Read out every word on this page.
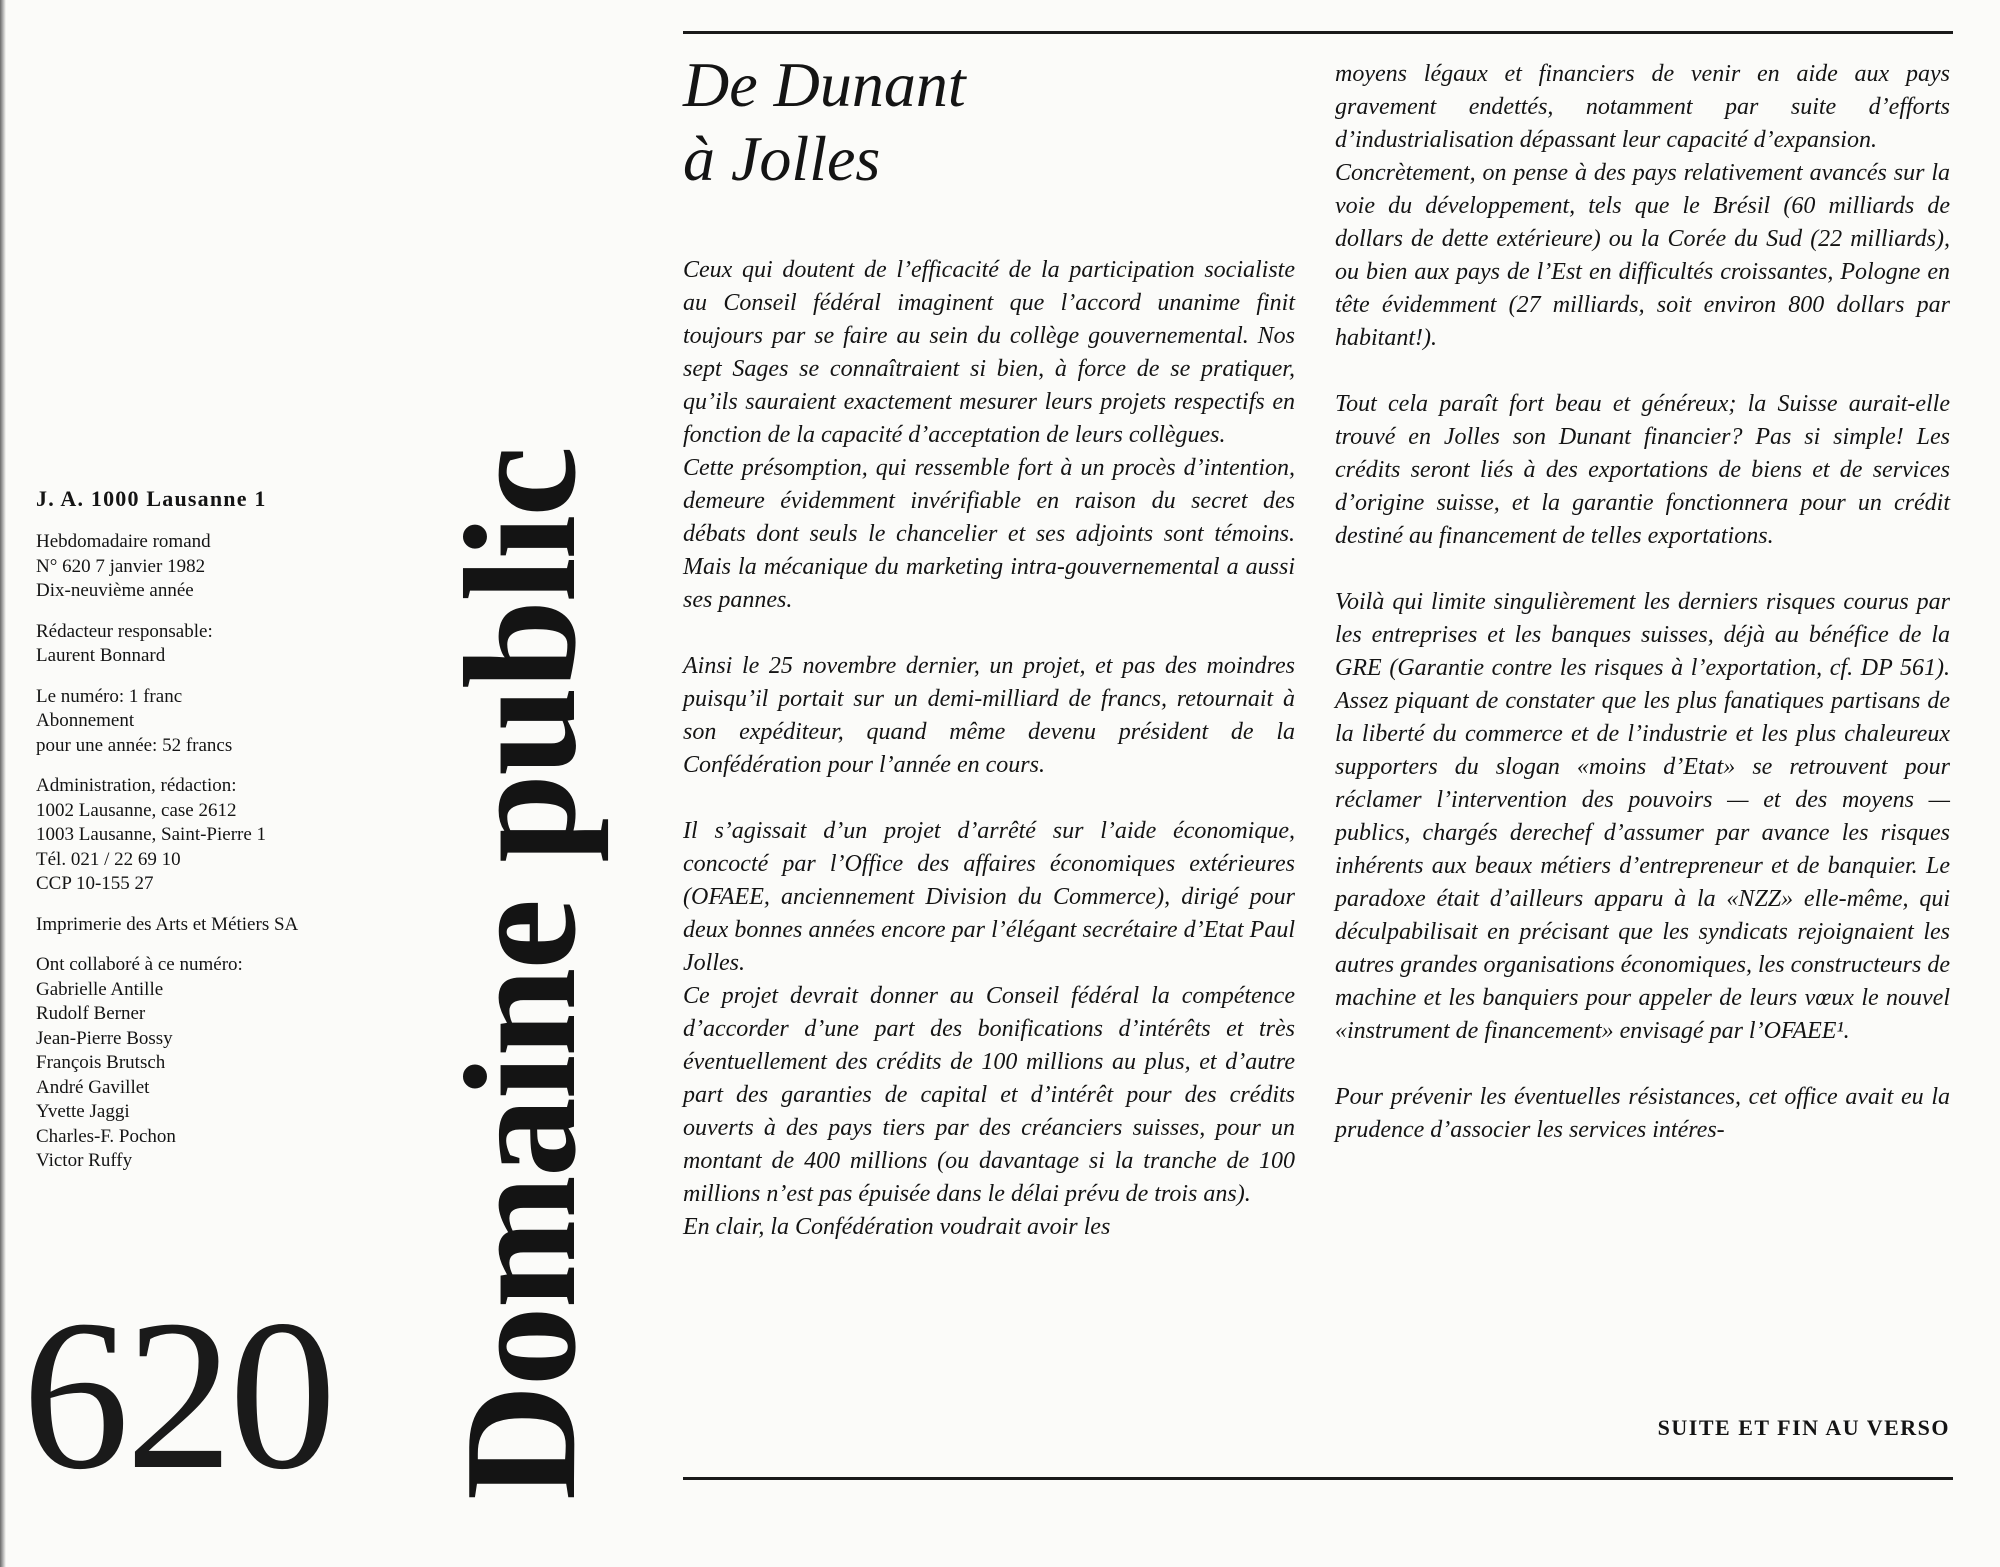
J. A. 1000 Lausanne 1
Hebdomadaire romand
N° 620 7 janvier 1982
Dix-neuvième année
Rédacteur responsable:
Laurent Bonnard
Le numéro: 1 franc
Abonnement
pour une année: 52 francs
Administration, rédaction:
1002 Lausanne, case 2612
1003 Lausanne, Saint-Pierre 1
Tél. 021 / 22 69 10
CCP 10-155 27
Imprimerie des Arts et Métiers SA
Ont collaboré à ce numéro:
Gabrielle Antille
Rudolf Berner
Jean-Pierre Bossy
François Brutsch
André Gavillet
Yvette Jaggi
Charles-F. Pochon
Victor Ruffy
620 Domaine public
De Dunant
à Jolles

Ceux qui doutent de l’efficacité de la participation socialiste au Conseil fédéral imaginent que l’accord unanime finit toujours par se faire au sein du collège gouvernemental. Nos sept Sages se connaîtraient si bien, à force de se pratiquer, qu’ils sauraient exactement mesurer leurs projets respectifs en fonction de la capacité d’acceptation de leurs collègues.

Cette présomption, qui ressemble fort à un procès d’intention, demeure évidemment invérifiable en raison du secret des débats dont seuls le chancelier et ses adjoints sont témoins. Mais la mécanique du marketing intra-gouvernemental a aussi ses pannes.

Ainsi le 25 novembre dernier, un projet, et pas des moindres puisqu’il portait sur un demi-milliard de francs, retournait à son expéditeur, quand même devenu président de la Confédération pour l’année en cours.

Il s’agissait d’un projet d’arrêté sur l’aide économique, concocté par l’Office des affaires économiques extérieures (OFAEE, anciennement Division du Commerce), dirigé pour deux bonnes années encore par l’élégant secrétaire d’Etat Paul Jolles.

Ce projet devrait donner au Conseil fédéral la compétence d’accorder d’une part des bonifications d’intérêts et très éventuellement des crédits de 100 millions au plus, et d’autre part des garanties de capital et d’intérêt pour des crédits ouverts à des pays tiers par des créanciers suisses, pour un montant de 400 millions (ou davantage si la tranche de 100 millions n’est pas épuisée dans le délai prévu de trois ans).

En clair, la Confédération voudrait avoir les

moyens légaux et financiers de venir en aide aux pays gravement endettés, notamment par suite d’efforts d’industrialisation dépassant leur capacité d’expansion.

Concrètement, on pense à des pays relativement avancés sur la voie du développement, tels que le Brésil (60 milliards de dollars de dette extérieure) ou la Corée du Sud (22 milliards), ou bien aux pays de l’Est en difficultés croissantes, Pologne en tête évidemment (27 milliards, soit environ 800 dollars par habitant!).

Tout cela paraît fort beau et généreux; la Suisse aurait-elle trouvé en Jolles son Dunant financier? Pas si simple! Les crédits seront liés à des exportations de biens et de services d’origine suisse, et la garantie fonctionnera pour un crédit destiné au financement de telles exportations.

Voilà qui limite singulièrement les derniers risques courus par les entreprises et les banques suisses, déjà au bénéfice de la GRE (Garantie contre les risques à l’exportation, cf. DP 561). Assez piquant de constater que les plus fanatiques partisans de la liberté du commerce et de l’industrie et les plus chaleureux supporters du slogan «moins d’Etat» se retrouvent pour réclamer l’intervention des pouvoirs — et des moyens — publics, chargés derechef d’assumer par avance les risques inhérents aux beaux métiers d’entrepreneur et de banquier. Le paradoxe était d’ailleurs apparu à la «NZZ» elle-même, qui déculpabilisait en précisant que les syndicats rejoignaient les autres grandes organisations économiques, les constructeurs de machine et les banquiers pour appeler de leurs vœux le nouvel «instrument de financement» envisagé par l’OFAEE¹.

Pour prévenir les éventuelles résistances, cet office avait eu la prudence d’associer les services intéres-

SUITE ET FIN AU VERSO
